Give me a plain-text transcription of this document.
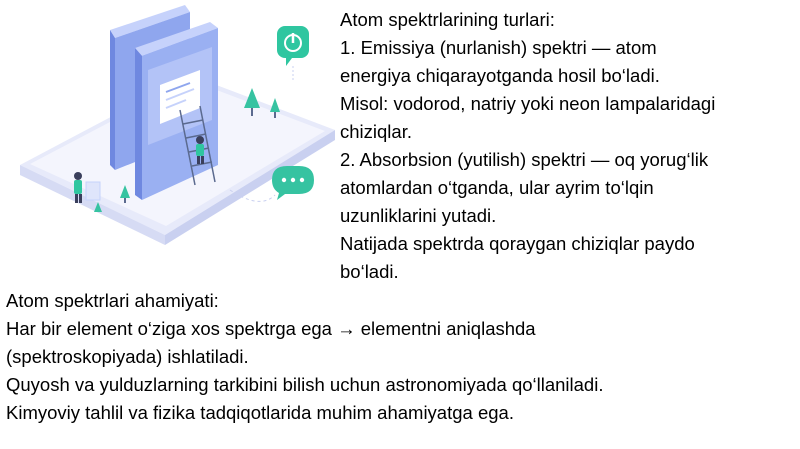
Atom spektrlarining turlari:
1. Emissiya (nurlanish) spektri — atom
energiya chiqarayotganda hosil bo‘ladi.
Misol: vodorod, natriy yoki neon lampalaridagi
chiziqlar.
2. Absorbsion (yutilish) spektri — oq yorug‘lik
atomlardan o‘tganda, ular ayrim to‘lqin
uzunliklarini yutadi.
Natijada spektrda qoraygan chiziqlar paydo
bo‘ladi.
Atom spektrlari ahamiyati:
Har bir element o‘ziga xos spektrga ega → elementni aniqlashda
(spektroskopiyada) ishlatiladi.
Quyosh va yulduzlarning tarkibini bilish uchun astronomiyada qo‘llaniladi.
Kimyoviy tahlil va fizika tadqiqotlarida muhim ahamiyatga ega.
